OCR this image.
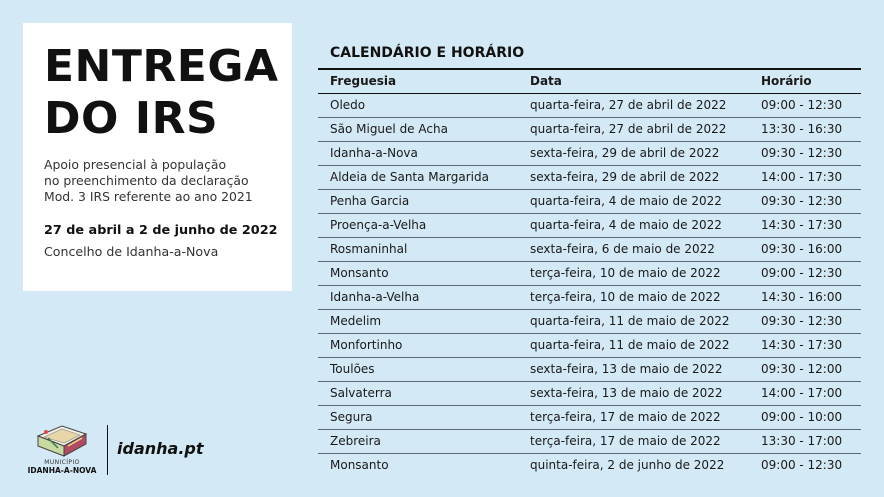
ENTREGA
DO IRS
Apoio presencial à população
no preenchimento da declaração
Mod. 3 IRS referente ao ano 2021
27 de abril a 2 de junho de 2022
Concelho de Idanha-a-Nova
CALENDÁRIO E HORÁRIO
Freguesia	Data	Horário
Oledo	quarta-feira, 27 de abril de 2022	09:00 - 12:30
São Miguel de Acha	quarta-feira, 27 de abril de 2022	13:30 - 16:30
Idanha-a-Nova	sexta-feira, 29 de abril de 2022	09:30 - 12:30
Aldeia de Santa Margarida	sexta-feira, 29 de abril de 2022	14:00 - 17:30
Penha Garcia	quarta-feira, 4 de maio de 2022	09:30 - 12:30
Proença-a-Velha	quarta-feira, 4 de maio de 2022	14:30 - 17:30
Rosmaninhal	sexta-feira, 6 de maio de 2022	09:30 - 16:00
Monsanto	terça-feira, 10 de maio de 2022	09:00 - 12:30
Idanha-a-Velha	terça-feira, 10 de maio de 2022	14:30 - 16:00
Medelim	quarta-feira, 11 de maio de 2022	09:30 - 12:30
Monfortinho	quarta-feira, 11 de maio de 2022	14:30 - 17:30
Toulões	sexta-feira, 13 de maio de 2022	09:30 - 12:00
Salvaterra	sexta-feira, 13 de maio de 2022	14:00 - 17:00
Segura	terça-feira, 17 de maio de 2022	09:00 - 10:00
Zebreira	terça-feira, 17 de maio de 2022	13:30 - 17:00
Monsanto	quinta-feira, 2 de junho de 2022	09:00 - 12:30
MUNICÍPIO
IDANHA-A-NOVA
idanha.pt
